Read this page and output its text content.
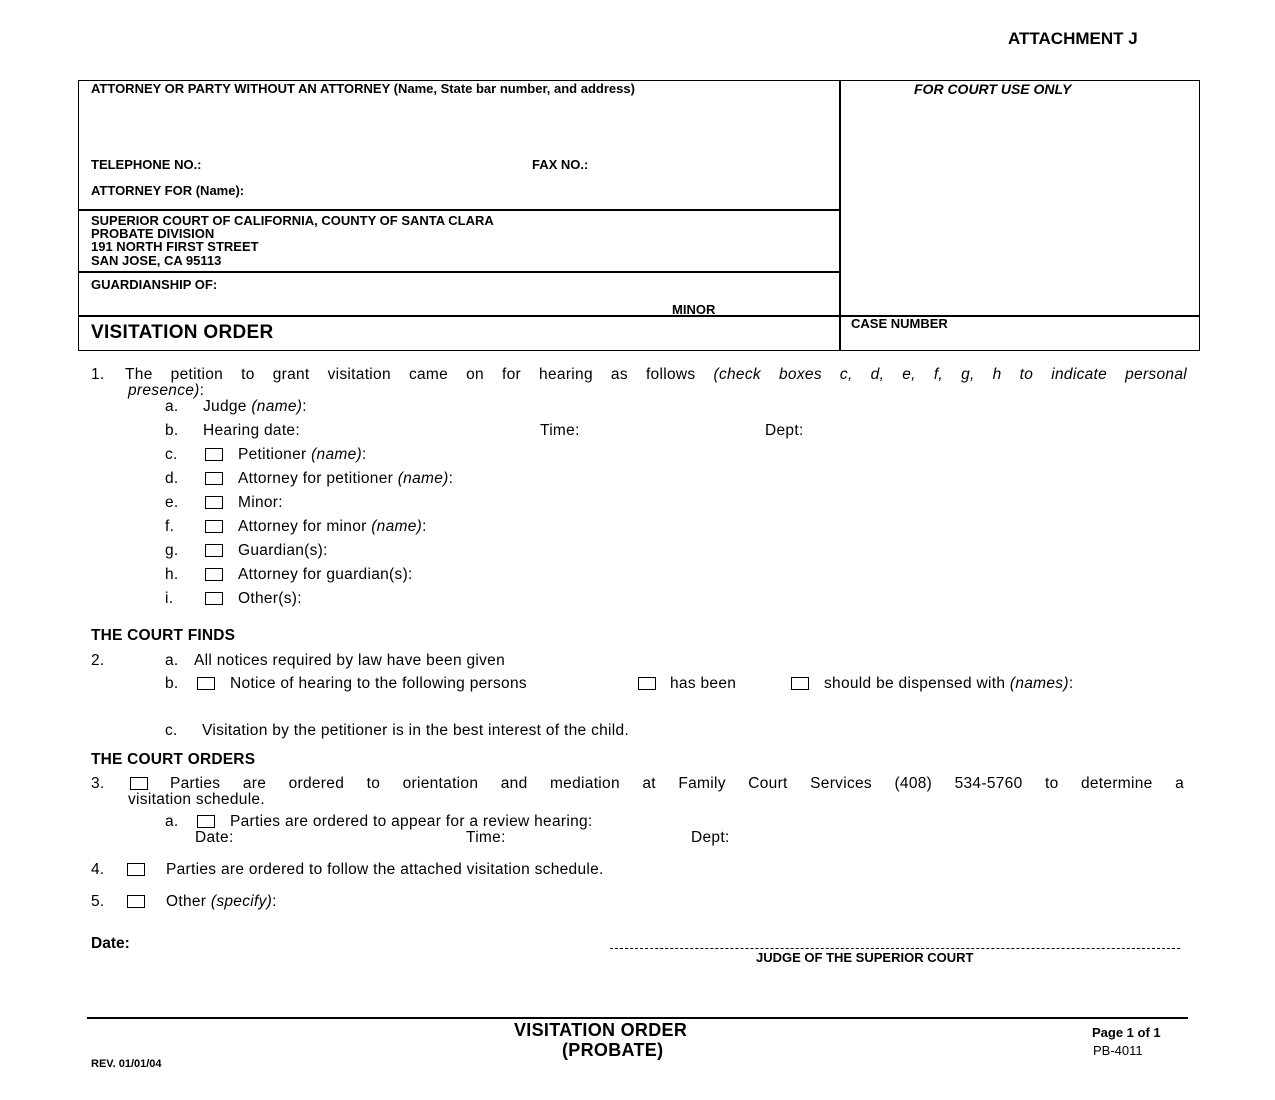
ATTACHMENT J
ATTORNEY OR PARTY WITHOUT AN ATTORNEY (Name, State bar number, and address)
TELEPHONE NO.:	FAX NO.:
ATTORNEY FOR (Name):
FOR COURT USE ONLY
SUPERIOR COURT OF CALIFORNIA, COUNTY OF SANTA CLARA
PROBATE DIVISION
191 NORTH FIRST STREET
SAN JOSE, CA 95113
GUARDIANSHIP OF:
MINOR
VISITATION ORDER	CASE NUMBER
1. The petition to grant visitation came on for hearing as follows (check boxes c, d, e, f, g, h to indicate personal
presence):
a. Judge (name):
b. Hearing date:	Time:	Dept:
c.	Petitioner (name):
d.	Attorney for petitioner (name):
e.	Minor:
f.	Attorney for minor (name):
g.	Guardian(s):
h.	Attorney for guardian(s):
i.	Other(s):
THE COURT FINDS
2.	a. All notices required by law have been given
b.	Notice of hearing to the following persons	has been	should be dispensed with (names):
c. Visitation by the petitioner is in the best interest of the child.
THE COURT ORDERS
3.	Parties are ordered to orientation and mediation at Family Court Services (408) 534-5760 to determine a
visitation schedule.
a.	Parties are ordered to appear for a review hearing:
Date:	Time:	Dept:
4.	Parties are ordered to follow the attached visitation schedule.
5.	Other (specify):
Date:
JUDGE OF THE SUPERIOR COURT
VISITATION ORDER
(PROBATE)
Page 1 of 1
PB-4011
REV. 01/01/04
